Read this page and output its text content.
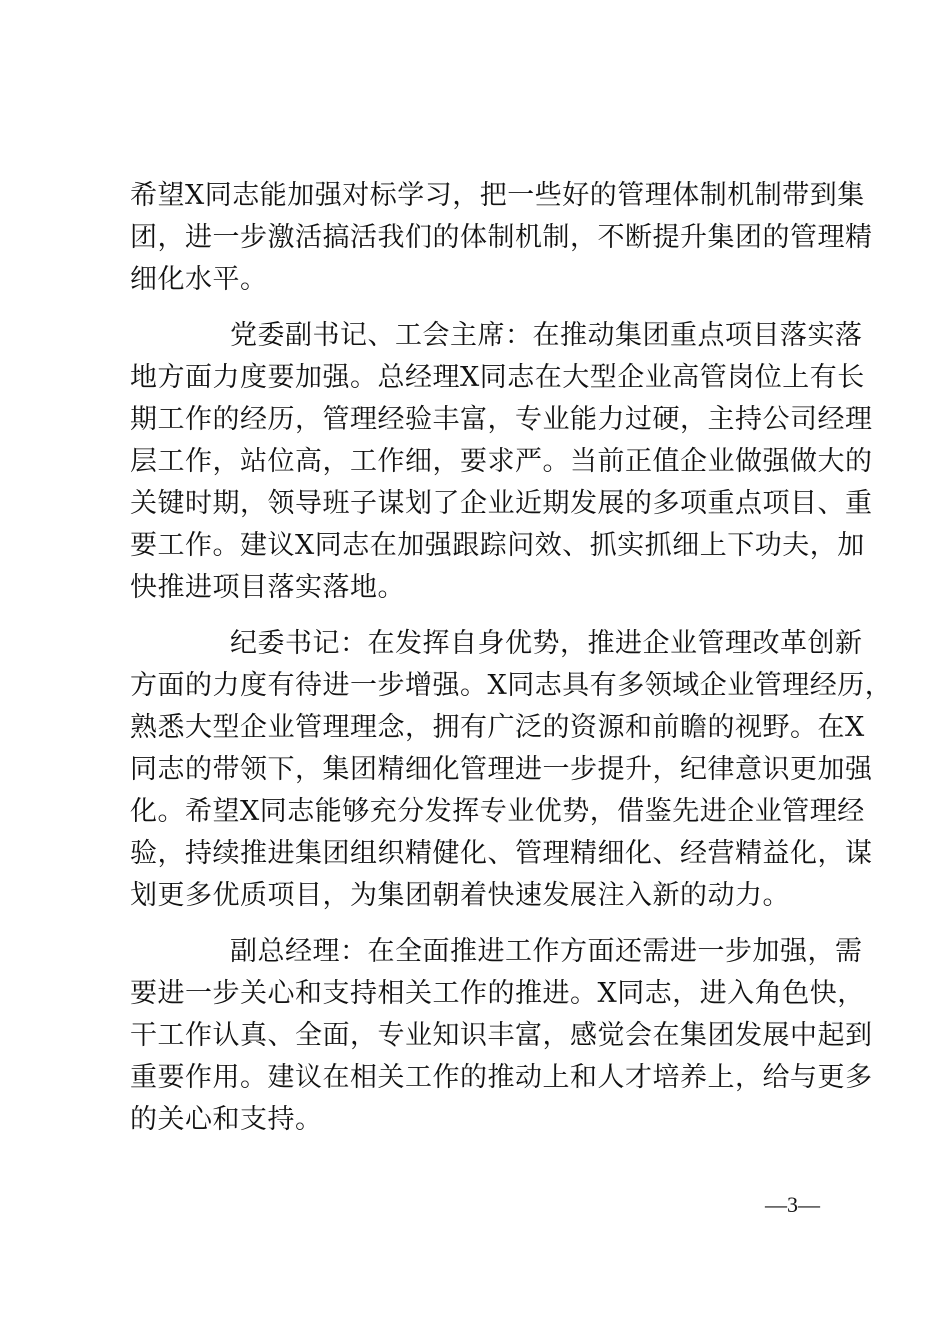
希望X同志能加强对标学习，把一些好的管理体制机制带到集
团，进一步激活搞活我们的体制机制，不断提升集团的管理精
细化水平。
党委副书记、工会主席：在推动集团重点项目落实落
地方面力度要加强。总经理X同志在大型企业高管岗位上有长
期工作的经历，管理经验丰富，专业能力过硬，主持公司经理
层工作，站位高，工作细，要求严。当前正值企业做强做大的
关键时期，领导班子谋划了企业近期发展的多项重点项目、重
要工作。建议X同志在加强跟踪问效、抓实抓细上下功夫，加
快推进项目落实落地。
纪委书记：在发挥自身优势，推进企业管理改革创新
方面的力度有待进一步增强。X同志具有多领域企业管理经历，
熟悉大型企业管理理念，拥有广泛的资源和前瞻的视野。在X
同志的带领下，集团精细化管理进一步提升，纪律意识更加强
化。希望X同志能够充分发挥专业优势，借鉴先进企业管理经
验，持续推进集团组织精健化、管理精细化、经营精益化，谋
划更多优质项目，为集团朝着快速发展注入新的动力。
副总经理：在全面推进工作方面还需进一步加强，需
要进一步关心和支持相关工作的推进。X同志，进入角色快，
干工作认真、全面，专业知识丰富，感觉会在集团发展中起到
重要作用。建议在相关工作的推动上和人才培养上，给与更多
的关心和支持。
—3—
